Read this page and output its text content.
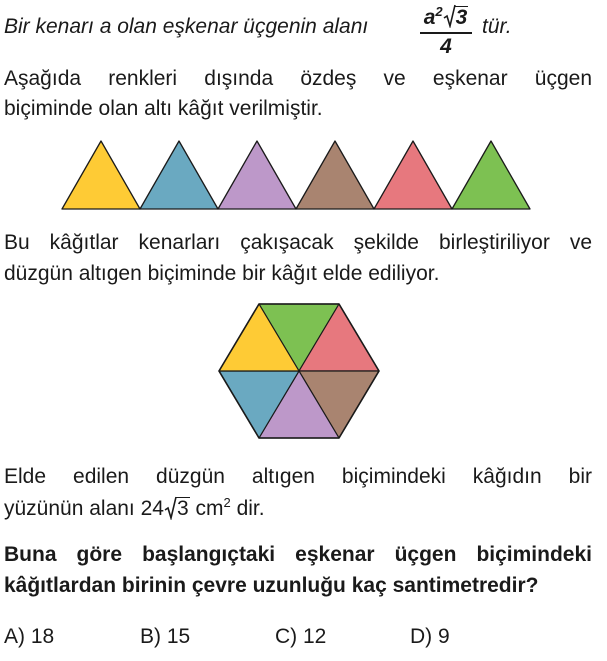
Bir kenarı a olan eşkenar üçgenin alanı	$a^2$ 3
4
tür.
Aşağıda renkleri dışında özdeş ve eşkenar üçgen
biçiminde olan altı kâğıt verilmiştir.
Bu kâğıtlar kenarları çakışacak şekilde birleştiriliyor ve
düzgün altıgen biçiminde bir kâğıt elde ediliyor.
Elde edilen düzgün altıgen biçimindeki kâğıdın bir
yüzünün alanı 24 3 $cm^2$ dir.
Buna göre başlangıçtaki eşkenar üçgen biçimindeki
kâğıtlardan birinin çevre uzunluğu kaç santimetredir?
A) 18	B) 15	C) 12	D) 9
